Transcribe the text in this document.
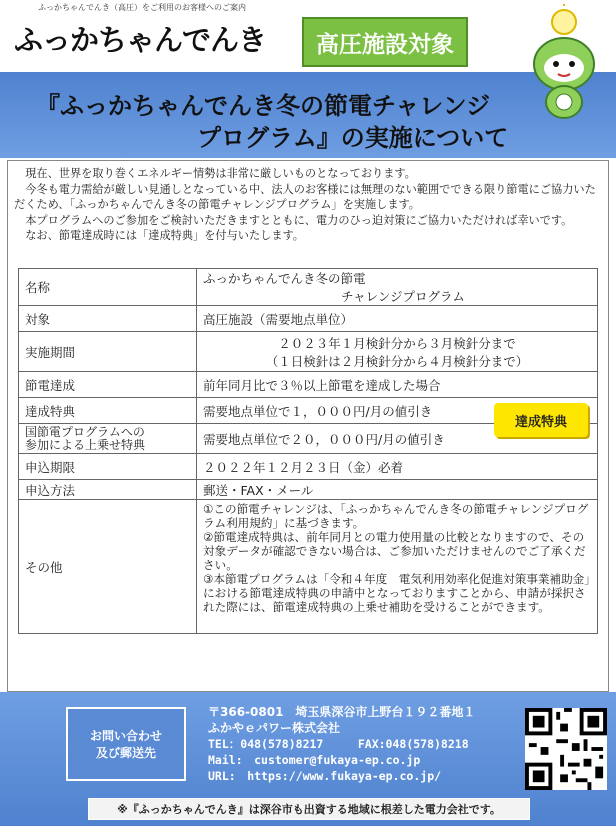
ふっかちゃんでんき（高圧）をご利用のお客様へのご案内
ふっかちゃんでんき	高圧施設対象
『ふっかちゃんでんき冬の節電チャレンジ
プログラム』の実施について

　現在、世界を取り巻くエネルギー情勢は非常に厳しいものとなっております。

　今冬も電力需給が厳しい見通しとなっている中、法人のお客様には無理のない範囲でできる限り節電にご協力いただくため、「ふっかちゃんでんき冬の節電チャレンジプログラム」を実施します。

　本プログラムへのご参加をご検討いただきますとともに、電力のひっ迫対策にご協力いただければ幸いです。

　なお、節電達成時には「達成特典」を付与いたします。

名称	ふっかちゃんでんき冬の節電
チャレンジプログラム

対象	高圧施設（需要地点単位）
実施期間	２０２３年１月検針分から３月検針分まで
（１日検針は２月検針分から４月検針分まで）

節電達成	前年同月比で３％以上節電を達成した場合
達成特典	需要地点単位で１，０００円/月の値引き

国節電プログラムへの
参加による上乗せ特典	需要地点単位で２０，０００円/月の値引き
申込期限	２０２２年１２月２３日（金）必着
申込方法	郵送・FAX・メール
その他	①この節電チャレンジは、「ふっかちゃんでんき冬の節電チャレンジプログラム利用規約」に基づきます。
②節電達成特典は、前年同月との電力使用量の比較となりますので、その対象データが確認できない場合は、ご参加いただけませんのでご了承ください。
③本節電プログラムは「令和４年度　電気利用効率化促進対策事業補助金」における節電達成特典の申請中となっておりますことから、申請が採択された際には、節電達成特典の上乗せ補助を受けることができます。
達成特典
お問い合わせ
及び郵送先
〒366-0801　埼玉県深谷市上野台１９２番地１
ふかやｅパワー株式会社
TEL：048(578)8217　　　FAX:048(578)8218
Mail:　customer@fukaya-ep.co.jp
URL:　https://www.fukaya-ep.co.jp/
※『ふっかちゃんでんき』は深谷市も出資する地域に根差した電力会社です。
